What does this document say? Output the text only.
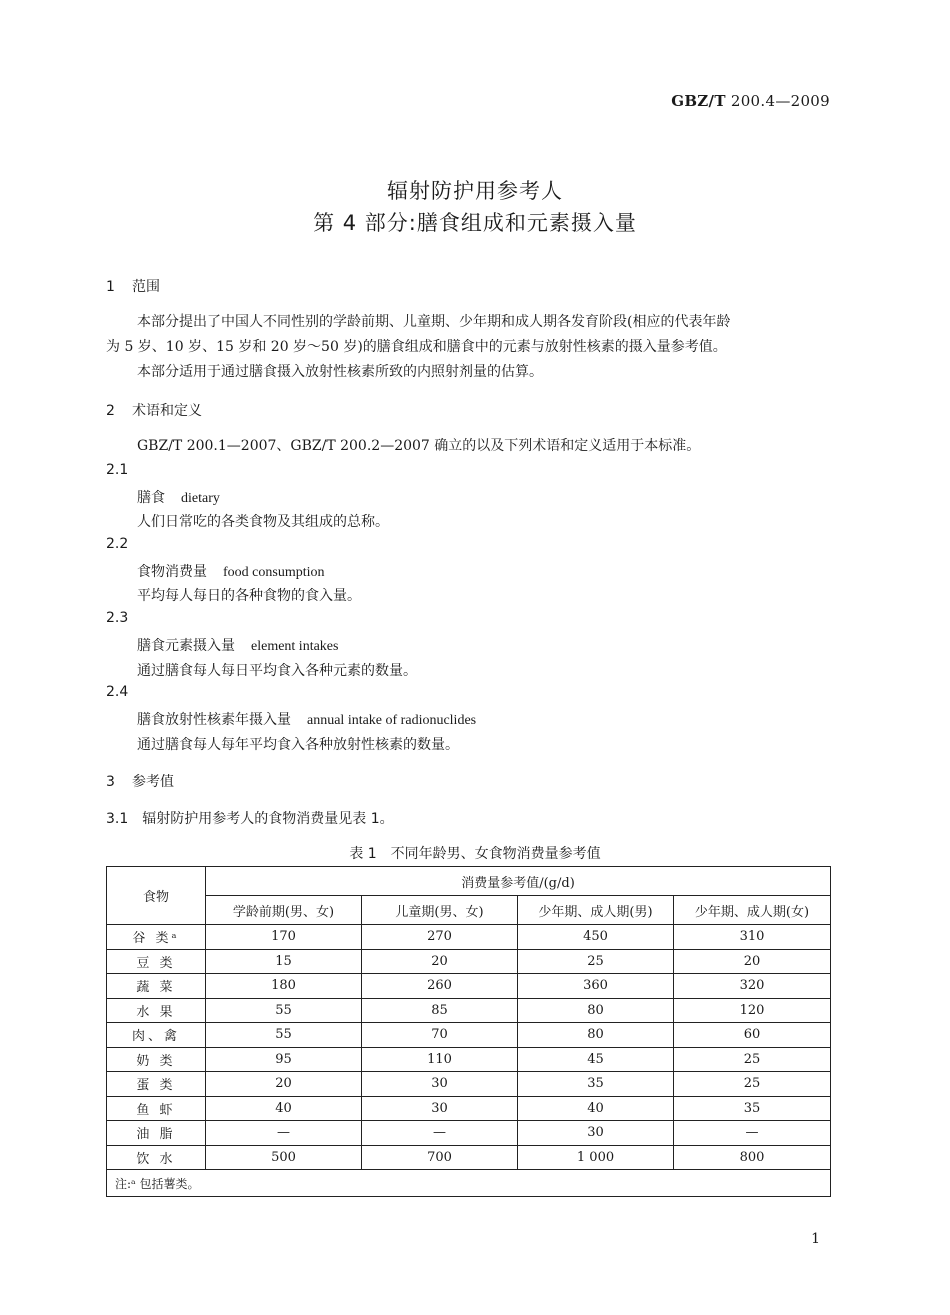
GBZ/T 200.4—2009
辐射防护用参考人
第 4 部分:膳食组成和元素摄入量
1 范围
本部分提出了中国人不同性别的学龄前期、儿童期、少年期和成人期各发育阶段(相应的代表年龄
为 5 岁、10 岁、15 岁和 20 岁～50 岁)的膳食组成和膳食中的元素与放射性核素的摄入量参考值。
本部分适用于通过膳食摄入放射性核素所致的内照射剂量的估算。
2 术语和定义
GBZ/T 200.1—2007、GBZ/T 200.2—2007 确立的以及下列术语和定义适用于本标准。
2.1
膳食 dietary
人们日常吃的各类食物及其组成的总称。
2.2
食物消费量 food consumption
平均每人每日的各种食物的食入量。
2.3
膳食元素摄入量 element intakes
通过膳食每人每日平均食入各种元素的数量。
2.4
膳食放射性核素年摄入量 annual intake of radionuclides
通过膳食每人每年平均食入各种放射性核素的数量。
3 参考值
3.1　辐射防护用参考人的食物消费量见表 1。
表 1　不同年龄男、女食物消费量参考值
食物	消费量参考值/(g/d)			
	学龄前期(男、女)	儿童期(男、女)	少年期、成人期(男)	少年期、成人期(女)
谷 类ᵃ	170	270	450	310
豆 类	15	20	25	20
蔬 菜	180	260	360	320
水 果	55	85	80	120
肉、禽	55	70	80	60
奶 类	95	110	45	25
蛋 类	20	30	35	25
鱼 虾	40	30	40	35
油 脂	—	—	30	—
饮 水	500	700	1 000	800
注:ᵃ 包括薯类。				
1
